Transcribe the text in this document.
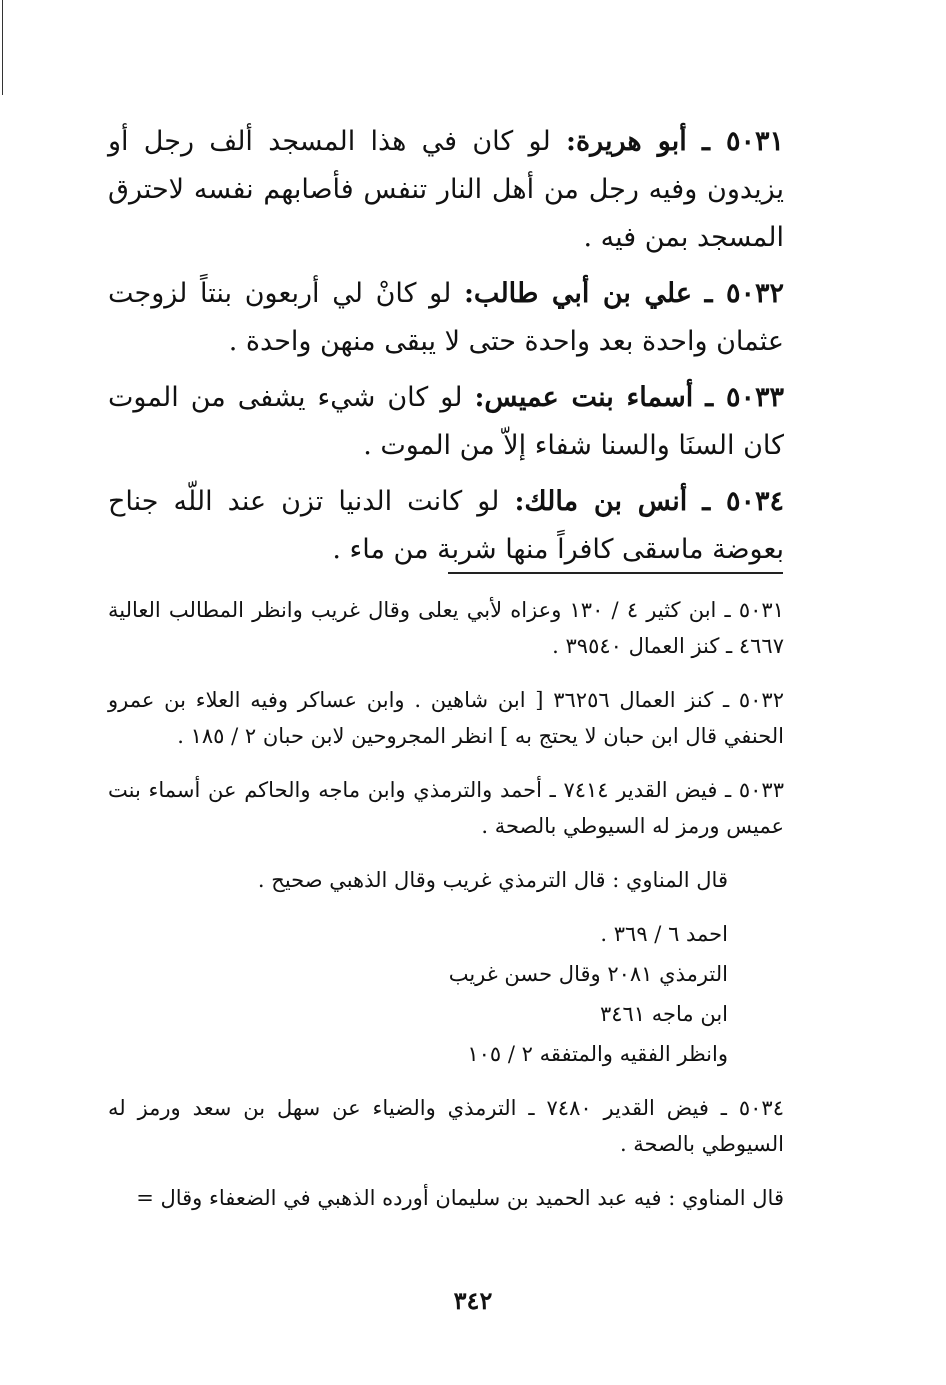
٥٠٣١ ـ أبو هريرة: لو كان في هذا المسجد ألف رجل أو يزيدون وفيه رجل من أهل النار تنفس فأصابهم نفسه لاحترق المسجد بمن فيه .

٥٠٣٢ ـ علي بن أبي طالب: لو كانْ لي أربعون بنتاً لزوجت عثمان واحدة بعد واحدة حتى لا يبقى منهن واحدة .

٥٠٣٣ ـ أسماء بنت عميس: لو كان شيء يشفى من الموت كان السنَا والسنا شفاء إلاّ من الموت .

٥٠٣٤ ـ أنس بن مالك: لو كانت الدنيا تزن عند اللّه جناح بعوضة ماسقى كافراً منها شربة من ماء .

٥٠٣١ ـ ابن كثير ٤ / ١٣٠ وعزاه لأبي يعلى وقال غريب وانظر المطالب العالية ٤٦٦٧ ـ كنز العمال ٣٩٥٤٠ .

٥٠٣٢ ـ كنز العمال ٣٦٢٥٦ [ ابن شاهين . وابن عساكر وفيه العلاء بن عمرو الحنفي قال ابن حبان لا يحتج به ] انظر المجروحين لابن حبان ٢ / ١٨٥ .

٥٠٣٣ ـ فيض القدير ٧٤١٤ ـ أحمد والترمذي وابن ماجه والحاكم عن أسماء بنت عميس ورمز له السيوطي بالصحة .

قال المناوي : قال الترمذي غريب وقال الذهبي صحيح .

احمد ٦ / ٣٦٩ .
الترمذي ٢٠٨١ وقال حسن غريب
ابن ماجه ٣٤٦١
وانظر الفقيه والمتفقه ٢ / ١٠٥

٥٠٣٤ ـ فيض القدير ٧٤٨٠ ـ الترمذي والضياء عن سهل بن سعد ورمز له السيوطي بالصحة .

قال المناوي : فيه عبد الحميد بن سليمان أورده الذهبي في الضعفاء وقال =

٣٤٢
